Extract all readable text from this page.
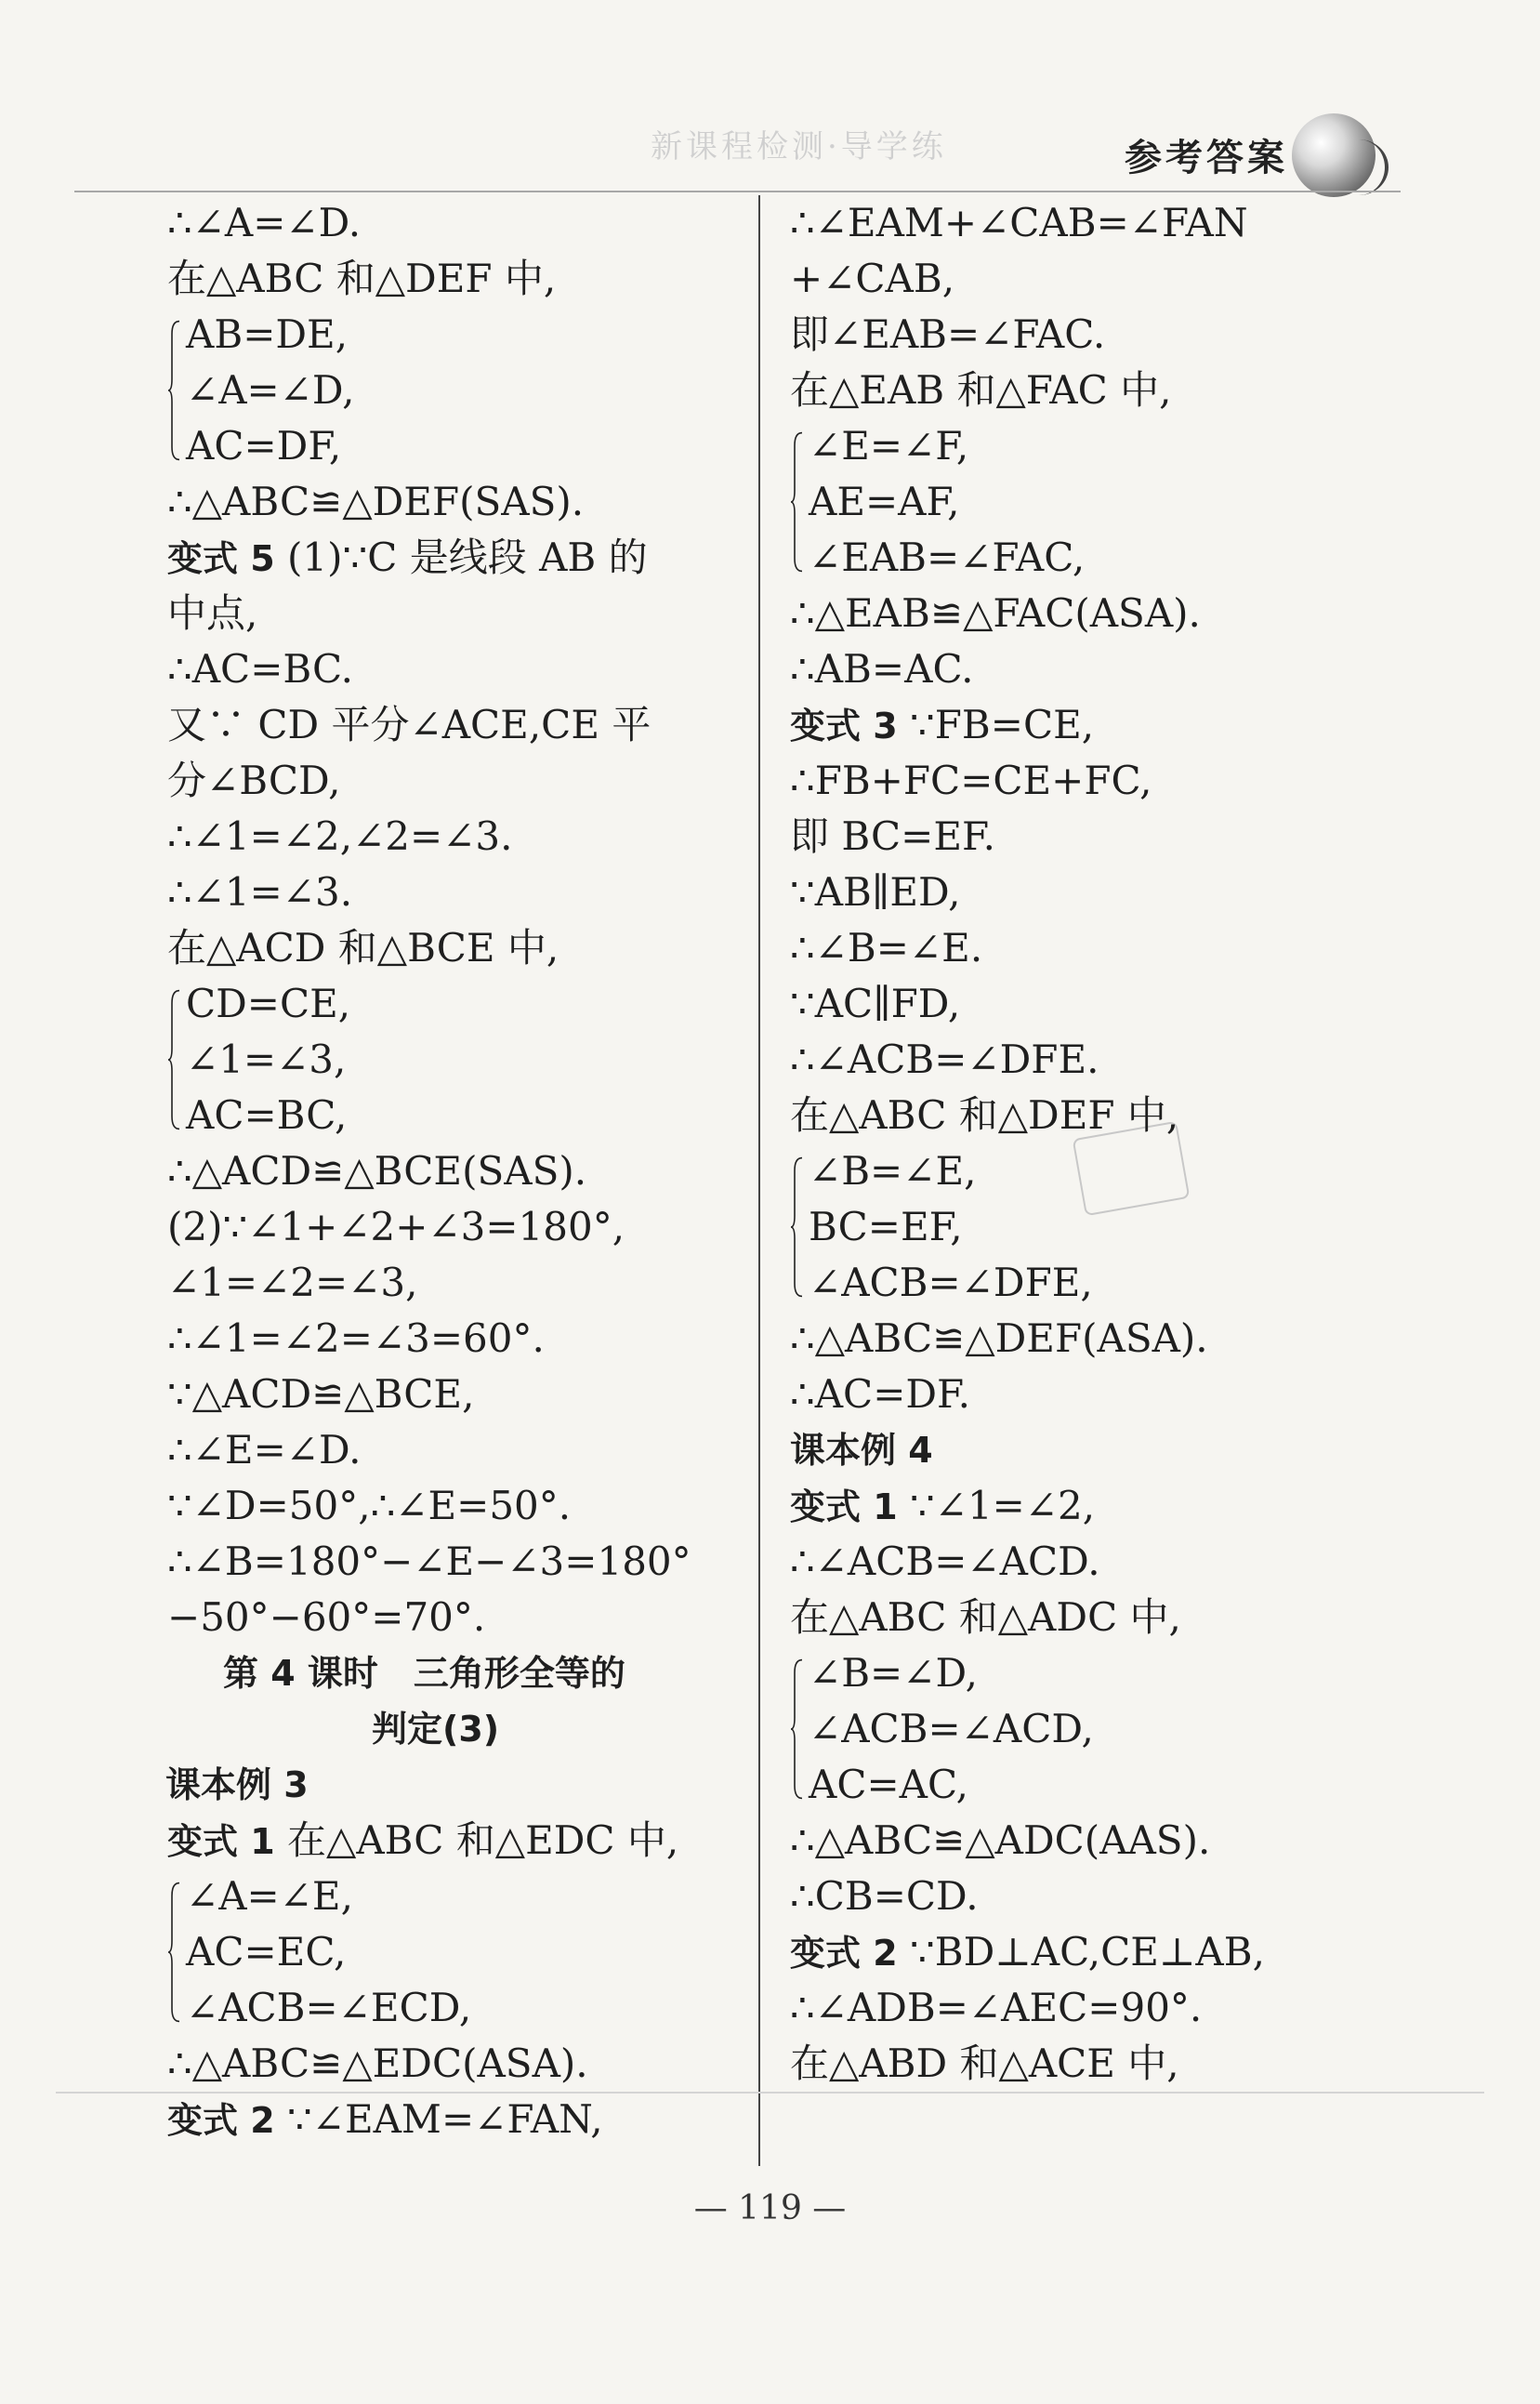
新课程检测·导学练	参考答案
∴∠A=∠D.
在△ABC 和△DEF 中,
AB=DE,
∠A=∠D,
AC=DF,
∴△ABC≌△DEF(SAS).
变式 5 (1)∵C 是线段 AB 的
中点,
∴AC=BC.
又∵ CD 平分∠ACE,CE 平
分∠BCD,
∴∠1=∠2,∠2=∠3.
∴∠1=∠3.
在△ACD 和△BCE 中,
CD=CE,
∠1=∠3,
AC=BC,
∴△ACD≌△BCE(SAS).
(2)∵∠1+∠2+∠3=180°,
∠1=∠2=∠3,
∴∠1=∠2=∠3=60°.
∵△ACD≌△BCE,
∴∠E=∠D.
∵∠D=50°,∴∠E=50°.
∴∠B=180°−∠E−∠3=180°
−50°−60°=70°.
第 4 课时　三角形全等的
判定(3)
课本例 3
变式 1 在△ABC 和△EDC 中,
∠A=∠E,
AC=EC,
∠ACB=∠ECD,
∴△ABC≌△EDC(ASA).
变式 2 ∵∠EAM=∠FAN,
∴∠EAM+∠CAB=∠FAN
+∠CAB,
即∠EAB=∠FAC.
在△EAB 和△FAC 中,
∠E=∠F,
AE=AF,
∠EAB=∠FAC,
∴△EAB≌△FAC(ASA).
∴AB=AC.
变式 3 ∵FB=CE,
∴FB+FC=CE+FC,
即 BC=EF.
∵AB∥ED,
∴∠B=∠E.
∵AC∥FD,
∴∠ACB=∠DFE.
在△ABC 和△DEF 中,
∠B=∠E,
BC=EF,
∠ACB=∠DFE,
∴△ABC≌△DEF(ASA).
∴AC=DF.
课本例 4
变式 1 ∵∠1=∠2,
∴∠ACB=∠ACD.
在△ABC 和△ADC 中,
∠B=∠D,
∠ACB=∠ACD,
AC=AC,
∴△ABC≌△ADC(AAS).
∴CB=CD.
变式 2 ∵BD⊥AC,CE⊥AB,
∴∠ADB=∠AEC=90°.
在△ABD 和△ACE 中,
— 119 —
